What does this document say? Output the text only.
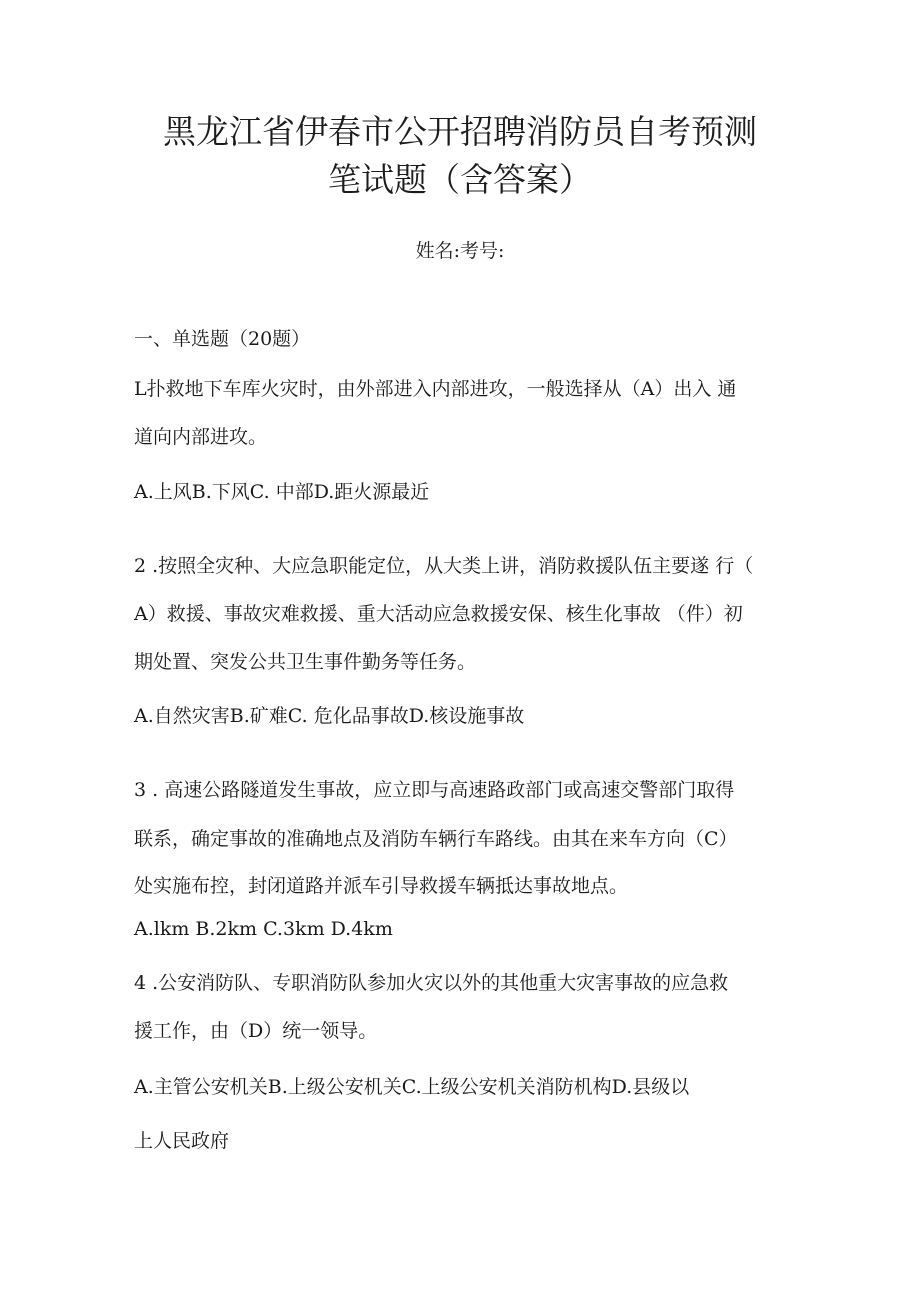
黑龙江省伊春市公开招聘消防员自考预测
笔试题（含答案）
姓名:考号:
一、单选题（20题）
L扑救地下车库火灾时，由外部进入内部进攻，一般选择从（A）出入 通
道向内部进攻。
A.上风B.下风C. 中部D.距火源最近
2 .按照全灾种、大应急职能定位，从大类上讲，消防救援队伍主要遂 行（
A）救援、事故灾难救援、重大活动应急救援安保、核生化事故 （件）初
期处置、突发公共卫生事件勤务等任务。
A.自然灾害B.矿难C. 危化品事故D.核设施事故
3 . 高速公路隧道发生事故，应立即与高速路政部门或高速交警部门取得
联系，确定事故的准确地点及消防车辆行车路线。由其在来车方向（C）
处实施布控，封闭道路并派车引导救援车辆抵达事故地点。
A.lkm B.2km C.3km D.4km
4 .公安消防队、专职消防队参加火灾以外的其他重大灾害事故的应急救
援工作，由（D）统一领导。
A.主管公安机关B.上级公安机关C.上级公安机关消防机构D.县级以
上人民政府
